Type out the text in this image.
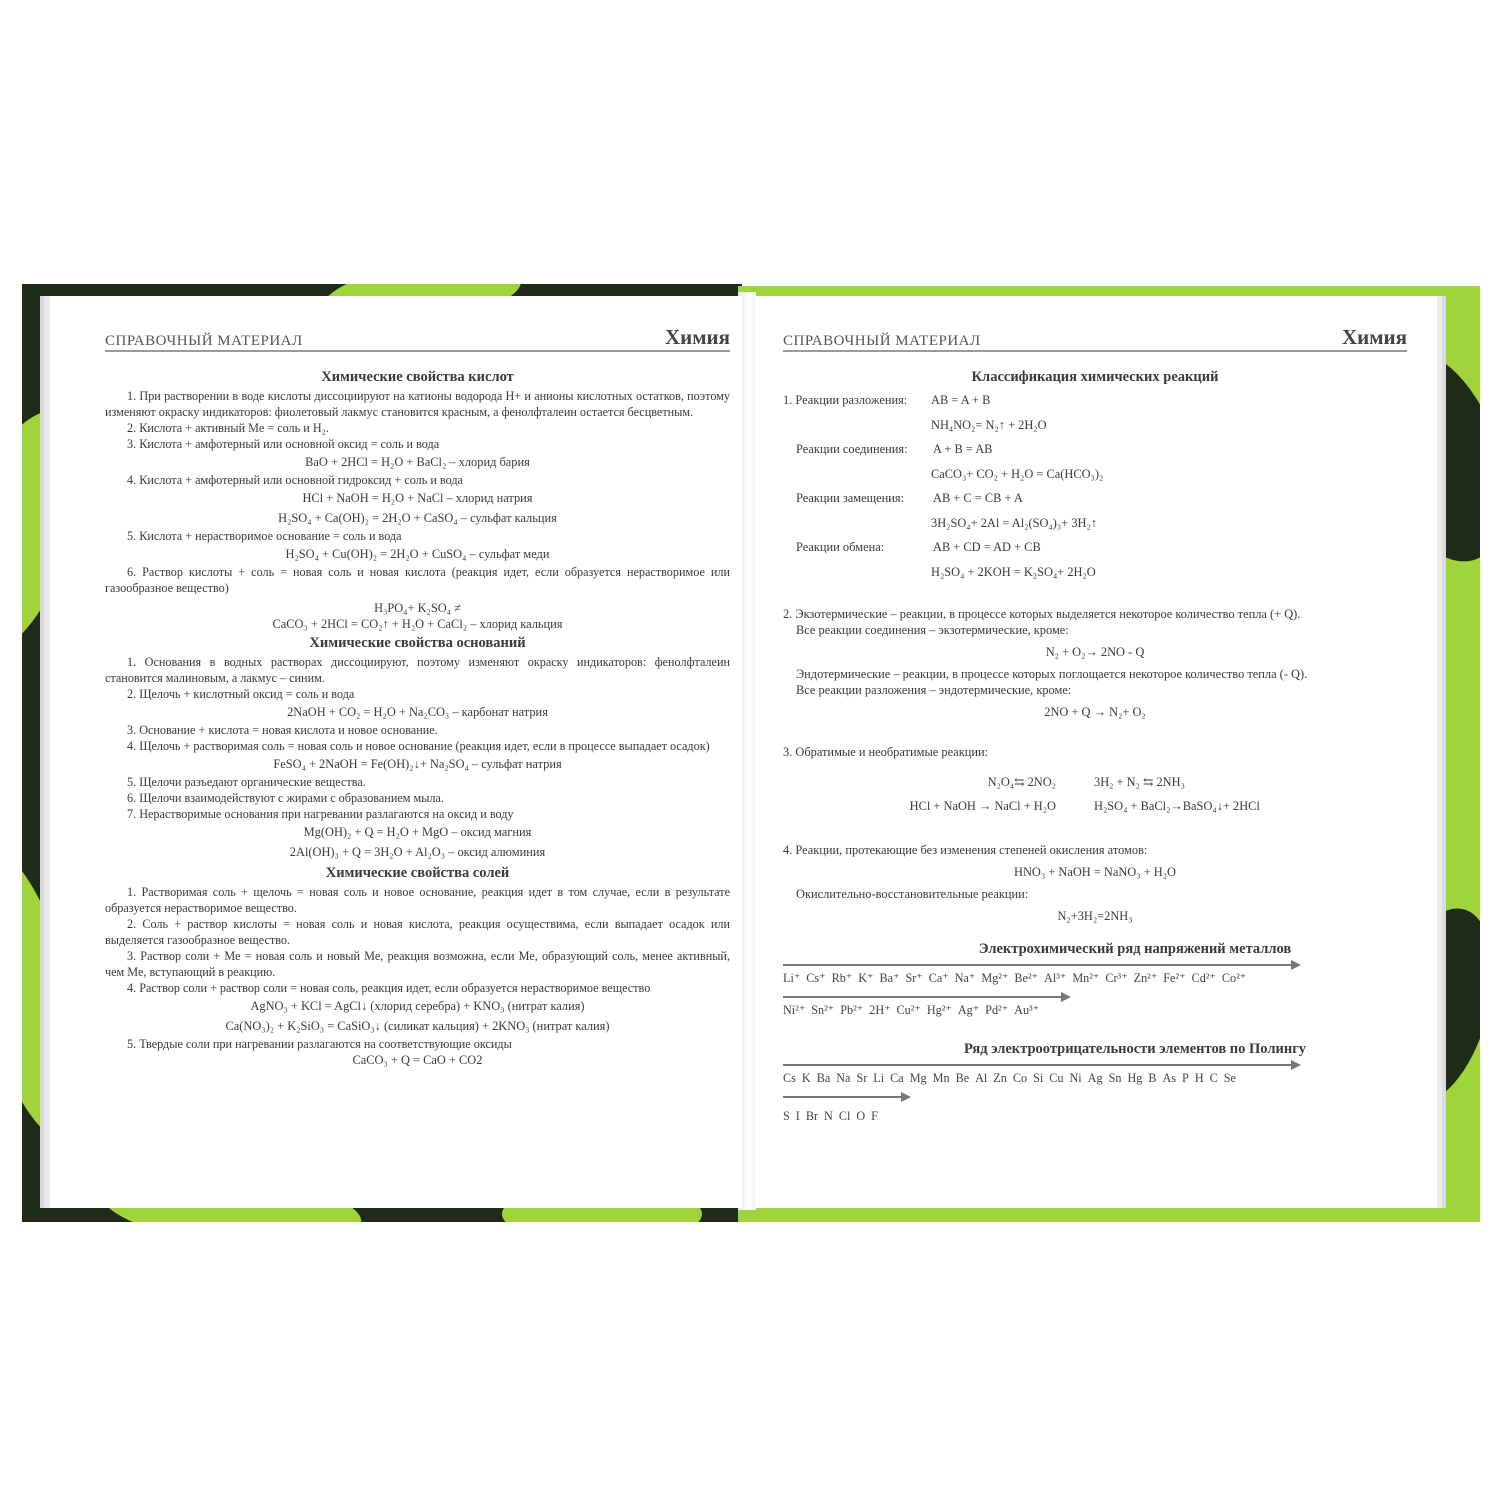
СПРАВОЧНЫЙ МАТЕРИАЛ	Химия
Химические свойства кислот

1. При растворении в воде кислоты диссоциируют на катионы водорода Н+ и анионы кислотных остатков, поэтому изменяют окраску индикаторов: фиолетовый лакмус становится красным, а фенолфталеин остается бесцветным.

2. Кислота + активный Ме = соль и H₂.

3. Кислота + амфотерный или основной оксид = соль и вода

BaO + 2HCl = H₂O + BaCl₂ – хлорид бария

4. Кислота + амфотерный или основной гидроксид + соль и вода

HCl + NaOH = H₂O + NaCl – хлорид натрия

H₂SO₄ + Ca(OH)₂ = 2H₂O + CaSO₄ – сульфат кальция

5. Кислота + нерастворимое основание = соль и вода

H₂SO₄ + Cu(OH)₂ = 2H₂O + CuSO₄ – сульфат меди

6. Раствор кислоты + соль = новая соль и новая кислота (реакция идет, если образуется нерастворимое или газообразное вещество)

H₃PO₄+ K₂SO₄ ≠

CaCO₃ + 2HCl = CO₂↑ + H₂O + CaCl₂ – хлорид кальция

Химические свойства оснований

1. Основания в водных растворах диссоциируют, поэтому изменяют окраску индикаторов: фенолфталеин становится малиновым, а лакмус – синим.

2. Щелочь + кислотный оксид = соль и вода

2NaOH + CO₂ = H₂O + Na₂CO₃ – карбонат натрия

3. Основание + кислота = новая кислота и новое основание.

4. Щелочь + растворимая соль = новая соль и новое основание (реакция идет, если в процессе выпадает осадок)

FeSO₄ + 2NaOH = Fe(OH)₂↓+ Na₂SO₄ – сульфат натрия

5. Щелочи разъедают органические вещества.

6. Щелочи взаимодействуют с жирами с образованием мыла.

7. Нерастворимые основания при нагревании разлагаются на оксид и воду

Mg(OH)₂ + Q = H₂O + MgO – оксид магния

2Al(OH)₃ + Q = 3H₂O + Al₂O₃ – оксид алюминия

Химические свойства солей

1. Растворимая соль + щелочь = новая соль и новое основание, реакция идет в том случае, если в результате образуется нерастворимое вещество.

2. Соль + раствор кислоты = новая соль и новая кислота, реакция осуществима, если выпадает осадок или выделяется газообразное вещество.

3. Раствор соли + Ме = новая соль и новый Ме, реакция возможна, если Ме, образующий соль, менее активный, чем Ме, вступающий в реакцию.

4. Раствор соли + раствор соли = новая соль, реакция идет, если образуется нерастворимое вещество

AgNO₃ + KCl = AgCl↓ (хлорид серебра) + KNO₃ (нитрат калия)

Ca(NO₃)₂ + K₂SiO₃ = CaSiO₃↓ (силикат кальция) + 2KNO₃ (нитрат калия)

5. Твердые соли при нагревании разлагаются на соответствующие оксиды

CaCO₃ + Q = CaO + CO2

СПРАВОЧНЫЙ МАТЕРИАЛ	Химия
Классификация химических реакций
1. Реакции разложения:	AB = A + B
NH₄NO₂= N₂↑ + 2H₂O
Реакции соединения:	A + B = AB
CaCO₃+ CO₂ + H₂O = Ca(HCO₃)₂
Реакции замещения:	AB + C = CB + A
3H₂SO₄+ 2Al = Al₂(SO₄)₃+ 3H₂↑
Реакции обмена:	AB + CD = AD + CB
H₂SO₄ + 2KOH = K₂SO₄+ 2H₂O
2. Экзотермические – реакции, в процессе которых выделяется некоторое количество тепла (+ Q).
Все реакции соединения – экзотермические, кроме:
N₂ + O₂→ 2NO - Q
Эндотермические – реакции, в процессе которых поглощается некоторое количество тепла (- Q).
Все реакции разложения – эндотермические, кроме:
2NO + Q → N₂+ O₂
3. Обратимые и необратимые реакции:
N₂O₄⇆ 2NO₂	3H₂ + N₂ ⇆ 2NH₃
HCl + NaOH → NaCl + H₂O	H₂SO₄ + BaCl₂→BaSO₄↓+ 2HCl
4. Реакции, протекающие без изменения степеней окисления атомов:
HNO₃ + NaOH = NaNO₃ + H₂O
Окислительно-восстановительные реакции:
N₂+3H₂=2NH₃
Электрохимический ряд напряжений металлов
Li⁺ Cs⁺ Rb⁺ K⁺ Ba⁺ Sr⁺ Ca⁺ Na⁺ Mg²⁺ Be²⁺ Al³⁺ Mn²⁺ Cr³⁺ Zn²⁺ Fe²⁺ Cd²⁺ Co²⁺
Ni²⁺ Sn²⁺ Pb²⁺ 2H⁺ Cu²⁺ Hg²⁺ Ag⁺ Pd²⁺ Au³⁺
Ряд электроотрицательности элементов по Полингу
Cs K Ba Na Sr Li Ca Mg Mn Be Al Zn Co Si Cu Ni Ag Sn Hg B As P H C Se
S I Br N Cl O F
